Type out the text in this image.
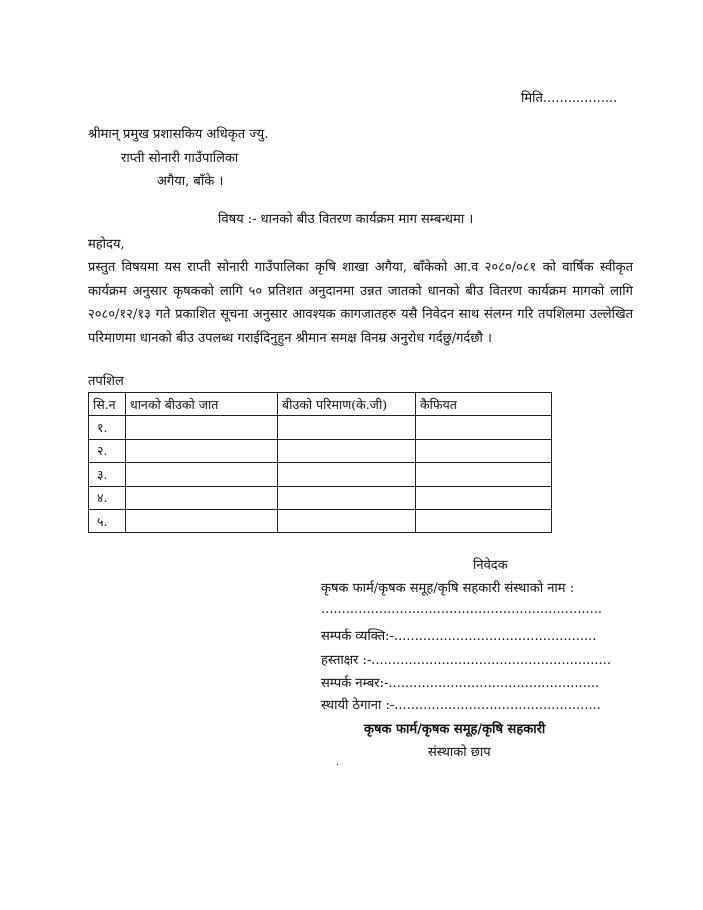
मिति..................
श्रीमान् प्रमुख प्रशासकिय अधिकृत ज्यु.
राप्ती सोनारी गाउँपालिका
अगैया, बाँके ।
विषय :- धानको बीउ वितरण कार्यक्रम माग सम्बन्धमा ।
महोदय,
प्रस्तुत विषयमा यस राप्ती सोनारी गाउँपालिका कृषि शाखा अगैया, बाँकेको आ.व २०८०/०८१ को वार्षिक स्वीकृत कार्यक्रम अनुसार कृषकको लागि ५० प्रतिशत अनुदानमा उन्नत जातको धानको बीउ वितरण कार्यक्रम मागको लागि २०८०/१२/१३ गते प्रकाशित सूचना अनुसार आवश्यक कागजातहरु यसै निवेदन साथ संलग्न गरि तपशिलमा उल्लेखित परिमाणमा धानको बीउ उपलब्ध गराईदिनुहुन श्रीमान समक्ष विनम्र अनुरोध गर्दछु/गर्दछौ ।
तपशिल
सि.न	धानको बीउको जात	बीउको परिमाण(के.जी)	कैफियत
१.			
२.			
३.			
४.			
५.			
निवेदक
कृषक फार्म/कृषक समूह/कृषि सहकारी संस्थाको नाम :
....................................................................
सम्पर्क व्यक्ति:-.................................................
हस्ताक्षर :-..........................................................
सम्पर्क नम्बर:-...................................................
स्थायी ठेगाना :-..................................................
कृषक फार्म/कृषक समूह/कृषि सहकारी
संस्थाको छाप
·
